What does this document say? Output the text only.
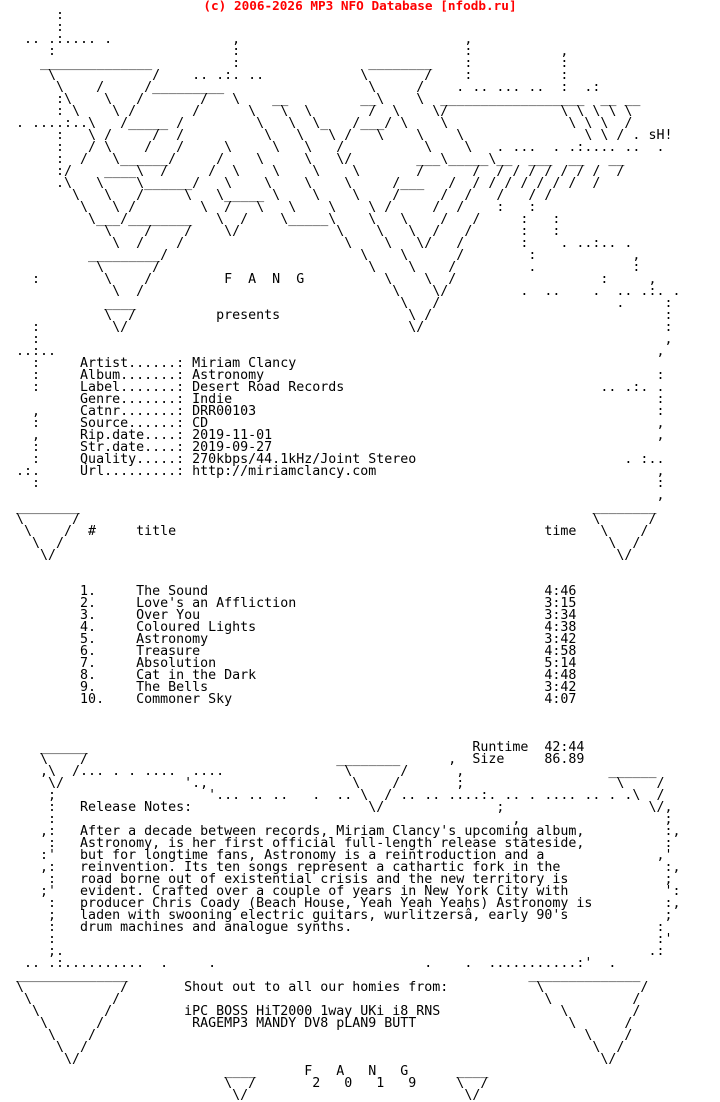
(c) 2006-2026 MP3 NFO Database [nfodb.ru]
:
:
.. .:.... .               ,                            ,
:                      :                            :           ,
______________          :                ________    :           :
\            /    .. .:. ..            \       /    :           :
\    /     /_________                  \     /    . .. ... ..  :  .:
:\    \   /       /   \    __         __\    \  __________________  __ __
: \    \ /       /      \   \  \       /  \    \/              \ \ \ \ \
. ....:..\   /_____ /         \   \  \_   /___/ \    \               \ \ \  /
:   \ /     /  /          \   \   \ /   \    \    \               \ \ / . sH!
:   / \    /   /     \     \   \   /          \    \   . ...  . .:.... ..  .
:  /   \______/     /    \     \   \/        ___\_____\__  ___  __   __
:/    ____\  /     /  \    \    \    \       /      /  / / / / / / /  /
.\   \    \______/   \    \    \    \     /___   /  / / / / / / /  /
\   \   /     \   \_____ \    \    \    /     /  /   /   / /
\   \ /        \  /   \   \    \    \ /     /  /    :   :
\___/________   \  /    \_____\    \   \    /   /     :   :
\    /    /    \/            \    \   \  /   /      :   :
\  /    /                    \    \   \/   /       :    . ..:.. .
_________/                        \    \      /        :            ,
\      /                          \    \    /         .            :
:        \    /         F  A  N  G          \    \  /                  :     ,
\  /                               \    \/         .  ..    .  .. .:. .
____                                 \   /                      .     :
\  /          presents                \ /                             :
:         \/                                   \/                              :
:                                                                              ,
..:..                                                                           ,
:     Artist......: Miriam Clancy
:     Album.......: Astronomy                                                 :
:     Label.......: Desert Road Records                                .. .:. .
Genre.......: Indie                                                     :
,     Catnr.......: DRR00103                                                  :
:     Source......: CD                                                        ,
,     Rip.date....: 2019-11-01                                                ,
:     Str.date....: 2019-09-27
:     Quality.....: 270kbps/44.1kHz/Joint Stereo                          . :..
.:.     Url.........: http://miriamclancy.com                                   ,
:                                                                             :
,
________                                                                ________
\      /                                                                \      /
\    /  #     title                                              time   \    /
\  /                                                                    \  /
\/                                                                      \/

1.     The Sound                                          4:46
2.     Love's an Affliction                               3:15
3.     Over You                                           3:34
4.     Coloured Lights                                    4:38
5.     Astronomy                                          3:42
6.     Treasure                                           4:58
7.     Absolution                                         5:14
8.     Cat in the Dark                                    4:48
9.     The Bells                                          3:42
10.    Commoner Sky                                       4:07

______                                                Runtime  42:44
\    /                               ________      ,  Size     86.89
,\  /... . . ....  ....               \      /      ,                  ______
\/               '.,                  \    /       ;                   \    /
;                   '... .. ..   .  .. \  / .. .. ....:. .. . .... .. . .\  /
:   Release Notes:                      \/              ;                  \/,
:                                                         ,                  ;
,:   After a decade between records, Miriam Clancy's upcoming album,          :,
:   Astronomy, is her first official full-length release stateside,          :
:'   but for longtime fans, Astronomy is a reintroduction and a              ,'
,:   reinvention. Its ten songs represent a cathartic fork in the             :,
:   road borne out of existential crisis and the new territory is            ;
;'   evident. Crafted over a couple of years in New York City with            ':
:   producer Chris Coady (Beach House, Yeah Yeah Yeahs) Astronomy is         :,
;   laden with swooning electric guitars, wurlitzersâ, early 90's            ;
:   drum machines and analogue synths.                                      :
:                                                                           :'
;.                                                                         .:
.. .:..........  .     .                          .    .  ...........:'  .
______________                                                  ______________
\            /       Shout out to all our homies from:           \            /
\          /                                                     \          /
\        /         iPC BOSS HiT2000 1way UKi i8 RNS               \        /
\      /           RAGEMP3 MANDY DV8 pLAN9 BUTT                   \      /
\    /                                                             \    /
\  /                                                               \  /
\/                                                                 \/
____      F   A   N   G      ____
\  /       2   0   1   9     \  /
\/                           \/
